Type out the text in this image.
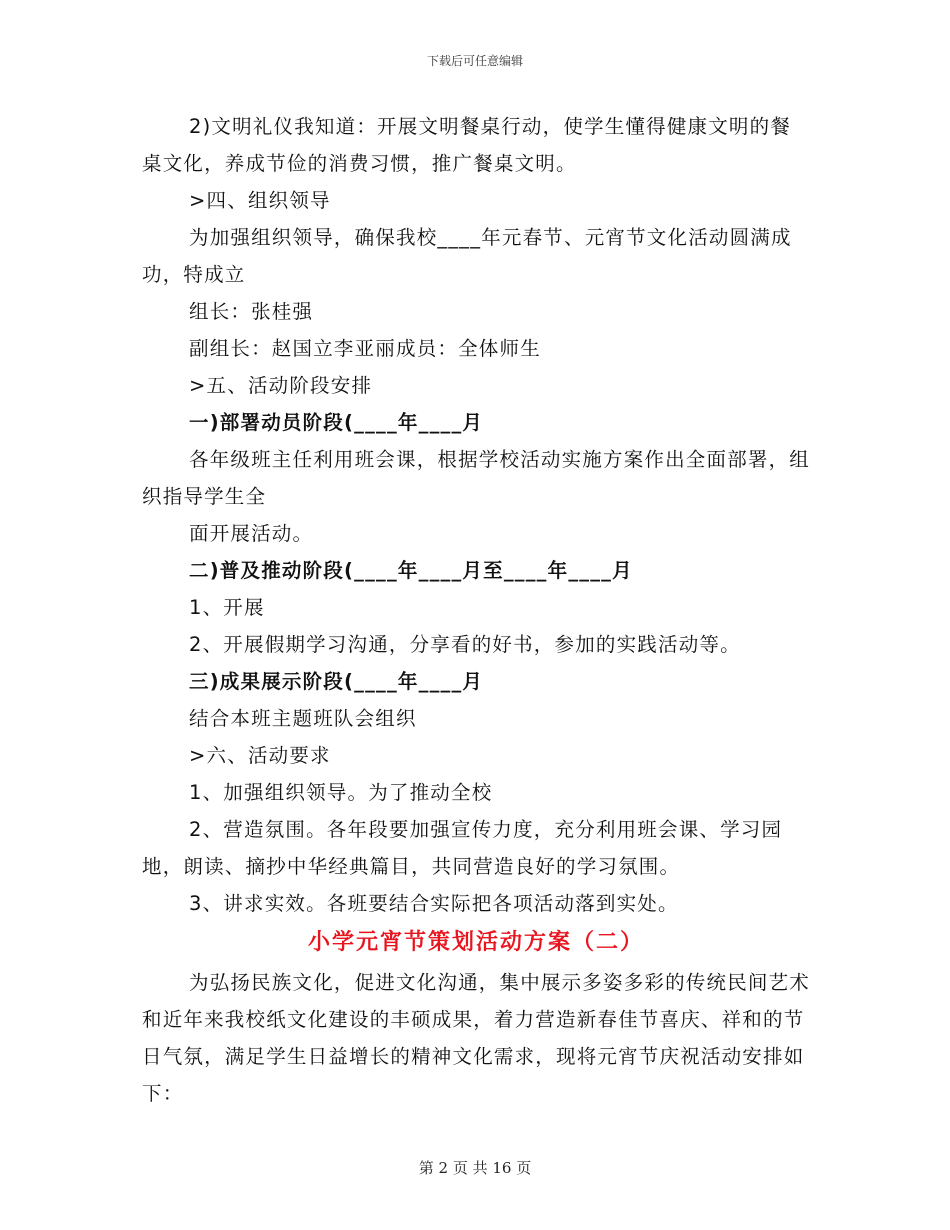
下载后可任意编辑

2)文明礼仪我知道：开展文明餐桌行动，使学生懂得健康文明的餐桌文化，养成节俭的消费习惯，推广餐桌文明。

>四、组织领导

为加强组织领导，确保我校____年元春节、元宵节文化活动圆满成功，特成立

组长：张桂强

副组长：赵国立李亚丽成员：全体师生

>五、活动阶段安排

一)部署动员阶段(____年____月

各年级班主任利用班会课，根据学校活动实施方案作出全面部署，组织指导学生全

面开展活动。

二)普及推动阶段(____年____月至____年____月

1、开展

2、开展假期学习沟通，分享看的好书，参加的实践活动等。

三)成果展示阶段(____年____月

结合本班主题班队会组织

>六、活动要求

1、加强组织领导。为了推动全校

2、营造氛围。各年段要加强宣传力度，充分利用班会课、学习园地，朗读、摘抄中华经典篇目，共同营造良好的学习氛围。

3、讲求实效。各班要结合实际把各项活动落到实处。

小学元宵节策划活动方案（二）

为弘扬民族文化，促进文化沟通，集中展示多姿多彩的传统民间艺术和近年来我校纸文化建设的丰硕成果，着力营造新春佳节喜庆、祥和的节日气氛，满足学生日益增长的精神文化需求，现将元宵节庆祝活动安排如下：

第 2 页 共 16 页
